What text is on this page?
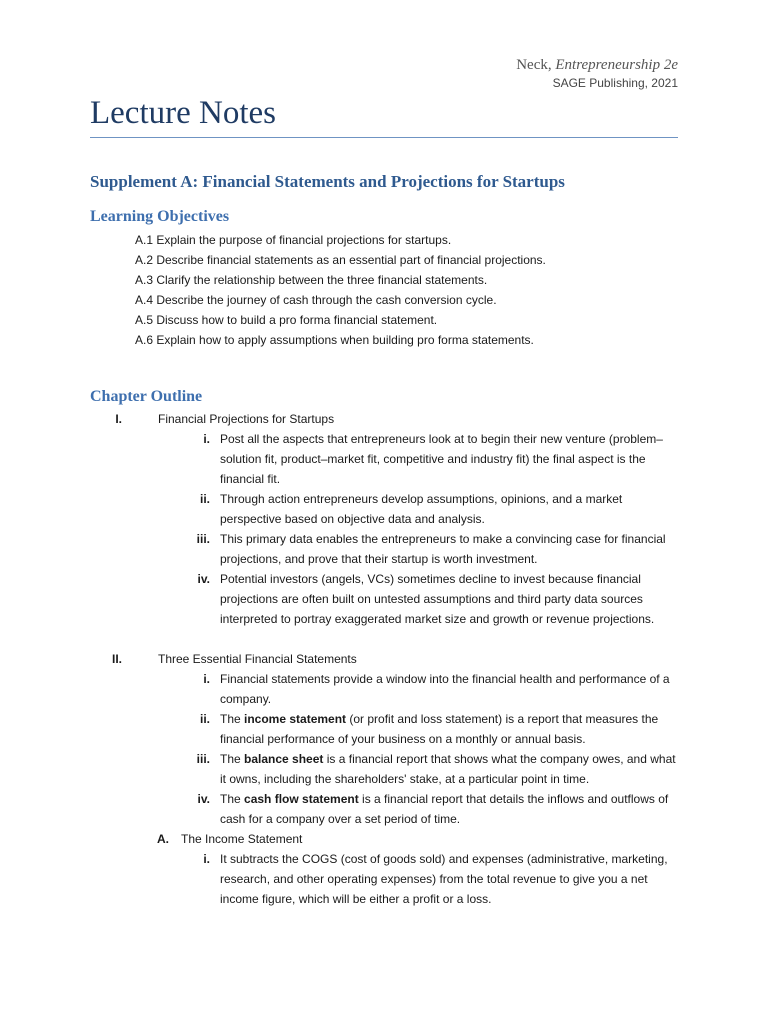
Neck, Entrepreneurship 2e
SAGE Publishing, 2021
Lecture Notes
Supplement A: Financial Statements and Projections for Startups
Learning Objectives
A.1 Explain the purpose of financial projections for startups.
A.2 Describe financial statements as an essential part of financial projections.
A.3 Clarify the relationship between the three financial statements.
A.4 Describe the journey of cash through the cash conversion cycle.
A.5 Discuss how to build a pro forma financial statement.
A.6 Explain how to apply assumptions when building pro forma statements.
Chapter Outline
I.	Financial Projections for Startups
i. Post all the aspects that entrepreneurs look at to begin their new venture (problem–solution fit, product–market fit, competitive and industry fit) the final aspect is the financial fit.
ii. Through action entrepreneurs develop assumptions, opinions, and a market perspective based on objective data and analysis.
iii. This primary data enables the entrepreneurs to make a convincing case for financial projections, and prove that their startup is worth investment.
iv. Potential investors (angels, VCs) sometimes decline to invest because financial projections are often built on untested assumptions and third party data sources interpreted to portray exaggerated market size and growth or revenue projections.
II.	Three Essential Financial Statements
i. Financial statements provide a window into the financial health and performance of a company.
ii. The income statement (or profit and loss statement) is a report that measures the financial performance of your business on a monthly or annual basis.
iii. The balance sheet is a financial report that shows what the company owes, and what it owns, including the shareholders' stake, at a particular point in time.
iv. The cash flow statement is a financial report that details the inflows and outflows of cash for a company over a set period of time.
A. The Income Statement
i. It subtracts the COGS (cost of goods sold) and expenses (administrative, marketing, research, and other operating expenses) from the total revenue to give you a net income figure, which will be either a profit or a loss.
